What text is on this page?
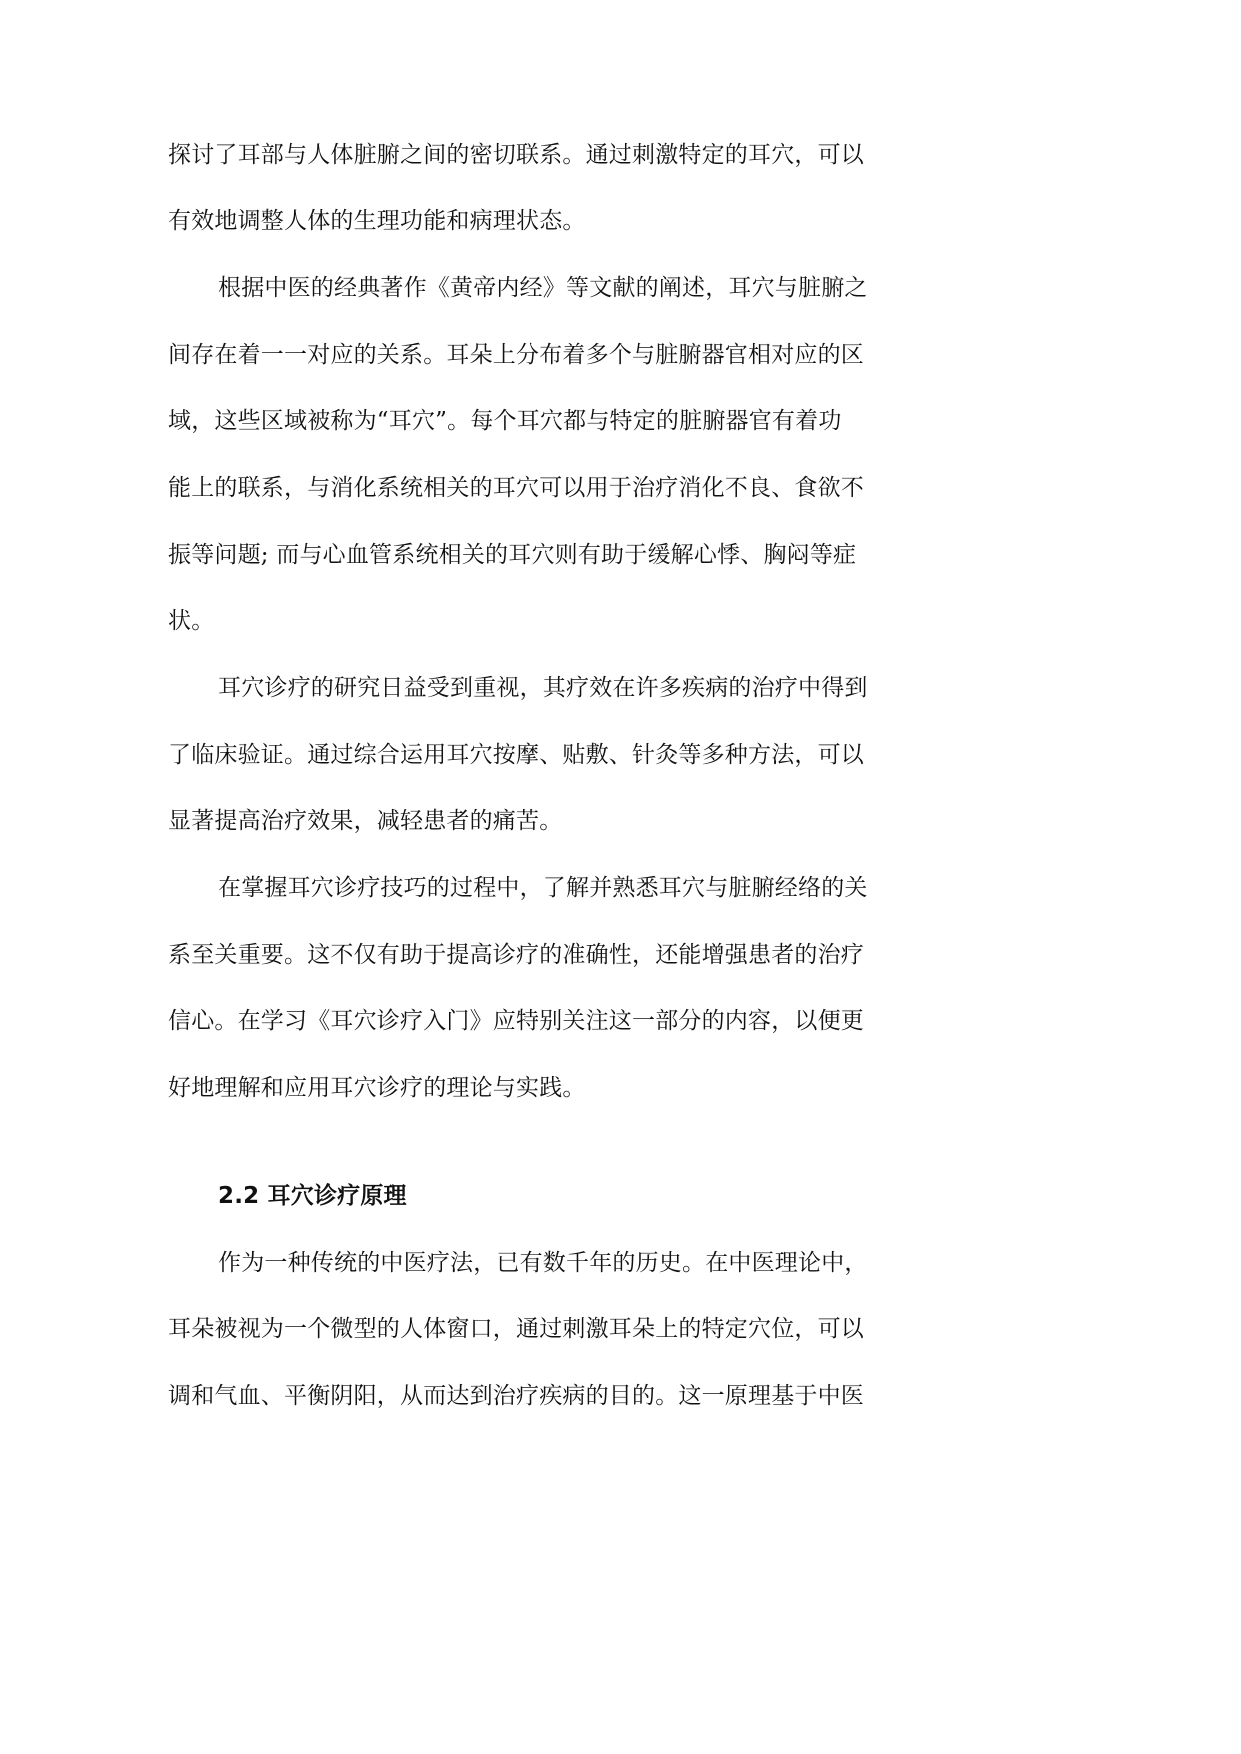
探讨了耳部与人体脏腑之间的密切联系。通过刺激特定的耳穴，可以
有效地调整人体的生理功能和病理状态。
根据中医的经典著作《黄帝内经》等文献的阐述，耳穴与脏腑之
间存在着一一对应的关系。耳朵上分布着多个与脏腑器官相对应的区
域，这些区域被称为“耳穴”。每个耳穴都与特定的脏腑器官有着功
能上的联系，与消化系统相关的耳穴可以用于治疗消化不良、食欲不
振等问题; 而与心血管系统相关的耳穴则有助于缓解心悸、胸闷等症
状。
耳穴诊疗的研究日益受到重视，其疗效在许多疾病的治疗中得到
了临床验证。通过综合运用耳穴按摩、贴敷、针灸等多种方法，可以
显著提高治疗效果，减轻患者的痛苦。
在掌握耳穴诊疗技巧的过程中，了解并熟悉耳穴与脏腑经络的关
系至关重要。这不仅有助于提高诊疗的准确性，还能增强患者的治疗
信心。在学习《耳穴诊疗入门》应特别关注这一部分的内容，以便更
好地理解和应用耳穴诊疗的理论与实践。
2.2 耳穴诊疗原理
作为一种传统的中医疗法，已有数千年的历史。在中医理论中，
耳朵被视为一个微型的人体窗口，通过刺激耳朵上的特定穴位，可以
调和气血、平衡阴阳，从而达到治疗疾病的目的。这一原理基于中医
